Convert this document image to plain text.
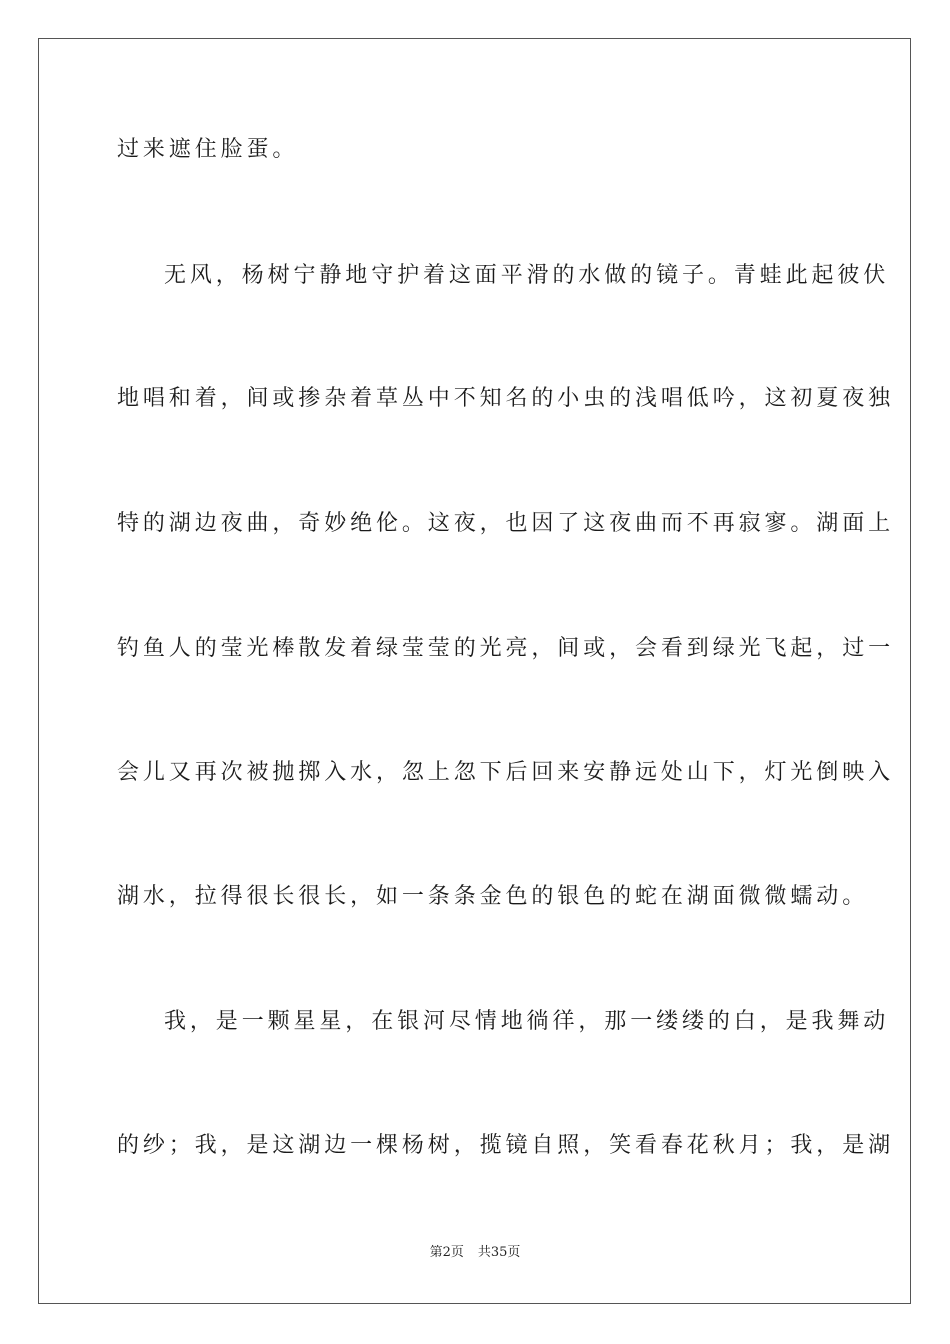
过来遮住脸蛋。
无风，杨树宁静地守护着这面平滑的水做的镜子。青蛙此起彼伏
地唱和着，间或掺杂着草丛中不知名的小虫的浅唱低吟，这初夏夜独
特的湖边夜曲，奇妙绝伦。这夜，也因了这夜曲而不再寂寥。湖面上
钓鱼人的莹光棒散发着绿莹莹的光亮，间或，会看到绿光飞起，过一
会儿又再次被抛掷入水，忽上忽下后回来安静远处山下，灯光倒映入
湖水，拉得很长很长，如一条条金色的银色的蛇在湖面微微蠕动。
我，是一颗星星，在银河尽情地徜徉，那一缕缕的白，是我舞动
的纱；我，是这湖边一棵杨树，揽镜自照，笑看春花秋月；我，是湖
第2页 共35页
